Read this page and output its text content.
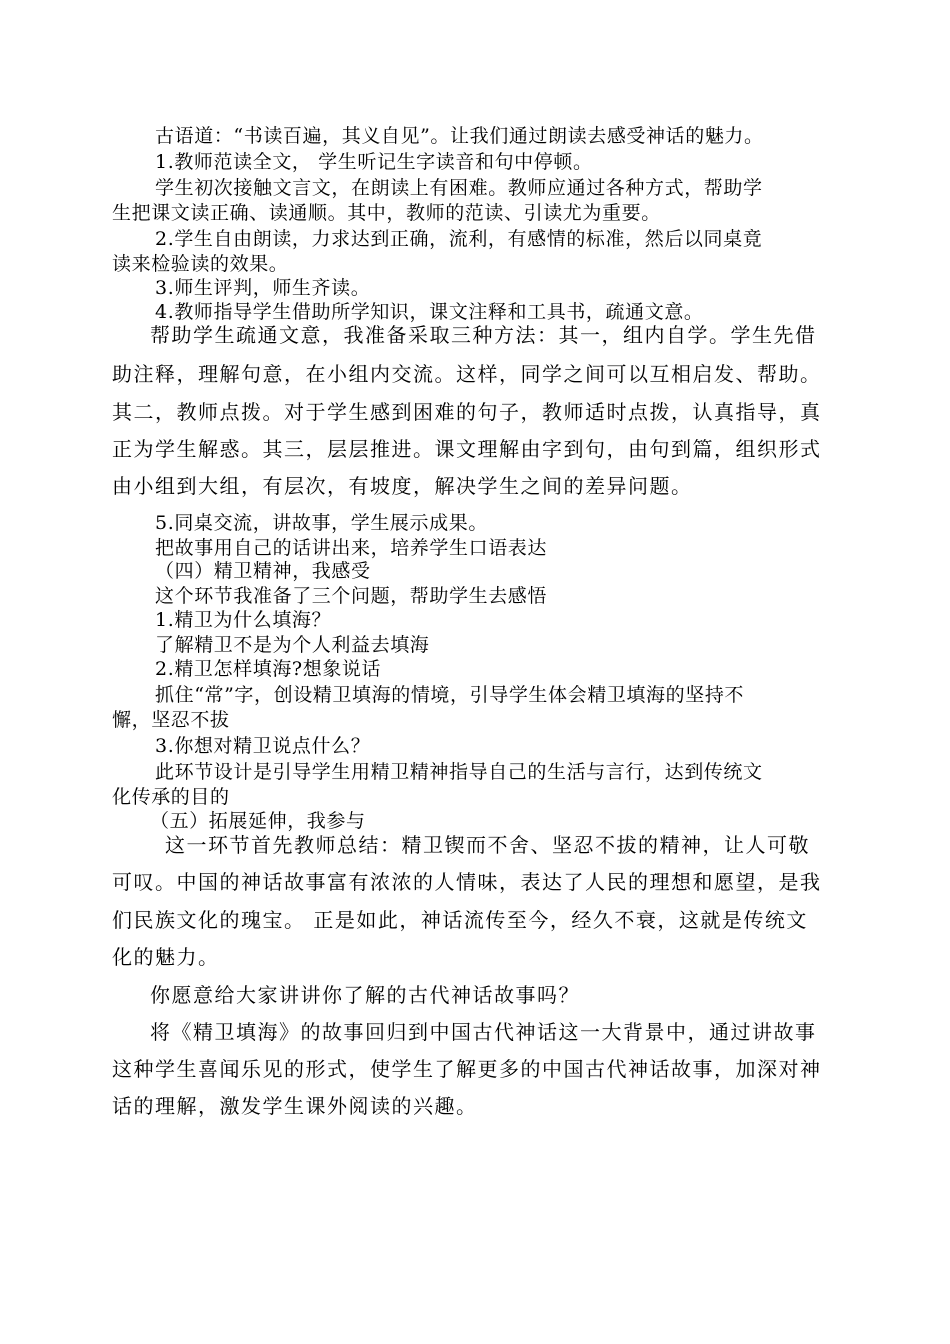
古语道：“书读百遍，其义自见”。让我们通过朗读去感受神话的魅力。
1.教师范读全文， 学生听记生字读音和句中停顿。
学生初次接触文言文，在朗读上有困难。教师应通过各种方式，帮助学
生把课文读正确、读通顺。其中，教师的范读、引读尤为重要。
2.学生自由朗读，力求达到正确，流利，有感情的标准，然后以同桌竟
读来检验读的效果。
3.师生评判，师生齐读。
4.教师指导学生借助所学知识，课文注释和工具书，疏通文意。
帮助学生疏通文意，我准备采取三种方法：其一，组内自学。学生先借
助注释，理解句意，在小组内交流。这样，同学之间可以互相启发、帮助。
其二，教师点拨。对于学生感到困难的句子，教师适时点拨，认真指导，真
正为学生解惑。其三，层层推进。课文理解由字到句，由句到篇，组织形式
由小组到大组，有层次，有坡度，解决学生之间的差异问题。
5.同桌交流，讲故事，学生展示成果。
把故事用自己的话讲出来，培养学生口语表达
（四）精卫精神，我感受
这个环节我准备了三个问题，帮助学生去感悟
1.精卫为什么填海？
了解精卫不是为个人利益去填海
2.精卫怎样填海?想象说话
抓住“常”字，创设精卫填海的情境，引导学生体会精卫填海的坚持不
懈，坚忍不拔
3.你想对精卫说点什么？
此环节设计是引导学生用精卫精神指导自己的生活与言行，达到传统文
化传承的目的
（五）拓展延伸，我参与
这一环节首先教师总结：精卫锲而不舍、坚忍不拔的精神，让人可敬
可叹。中国的神话故事富有浓浓的人情味，表达了人民的理想和愿望，是我
们民族文化的瑰宝。 正是如此，神话流传至今，经久不衰，这就是传统文
化的魅力。
你愿意给大家讲讲你了解的古代神话故事吗？
将《精卫填海》的故事回归到中国古代神话这一大背景中，通过讲故事
这种学生喜闻乐见的形式，使学生了解更多的中国古代神话故事，加深对神
话的理解，激发学生课外阅读的兴趣。
